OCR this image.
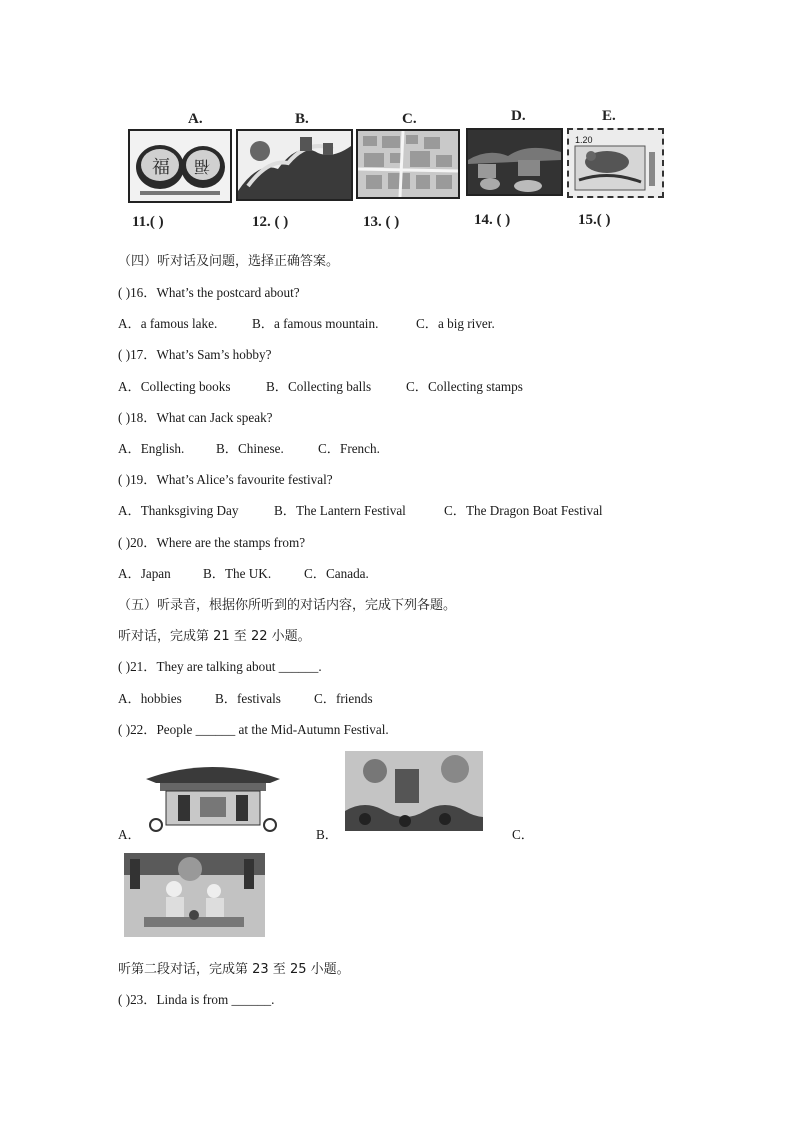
A.	B.	C.	D.	E.
福 福
1.20
11.( )	12. ( )	13. ( )	14. ( )	15.( )
（四）听对话及问题，选择正确答案。
( )16．What’s the postcard about?
A．a famous lake.	B．a famous mountain.	C．a big river.
( )17．What’s Sam’s hobby?
A．Collecting books	B．Collecting balls	C．Collecting stamps
( )18．What can Jack speak?
A．English. B．Chinese.	C．French.
( )19．What’s Alice’s favourite festival?
A．Thanksgiving Day	B．The Lantern Festival	C．The Dragon Boat Festival
( )20．Where are the stamps from?
A．Japan B．The UK. C．Canada.
（五）听录音，根据你所听到的对话内容，完成下列各题。
听对话，完成第 21 至 22 小题。
( )21．They are talking about ______.
A．hobbies	B．festivals	C．friends
( )22．People ______ at the Mid-Autumn Festival.
A．	B．	C．
听第二段对话，完成第 23 至 25 小题。
( )23．Linda is from ______.
